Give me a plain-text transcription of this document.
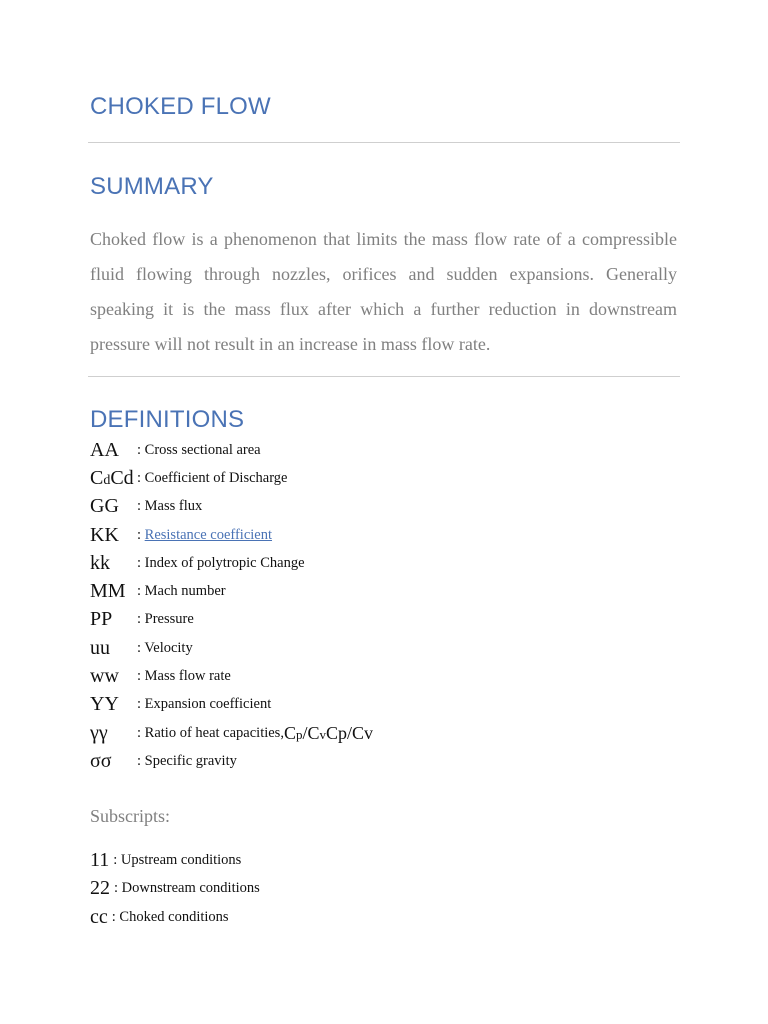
CHOKED FLOW
SUMMARY

Choked flow is a phenomenon that limits the mass flow rate of a compressible fluid flowing through nozzles, orifices and sudden expansions. Generally speaking it is the mass flux after which a further reduction in downstream pressure will not result in an increase in mass flow rate.

DEFINITIONS
AA	: Cross sectional area
CdCd : Coefficient of Discharge
GG	: Mass flux
KK	: Resistance coefficient
kk	: Index of polytropic Change
MM : Mach number
PP	: Pressure
uu	: Velocity
ww	: Mass flow rate
YY	: Expansion coefficient
γγ	: Ratio of heat capacities, Cp/CvCp/Cv
σσ	: Specific gravity
Subscripts:
11 : Upstream conditions
22 : Downstream conditions
cc : Choked conditions
